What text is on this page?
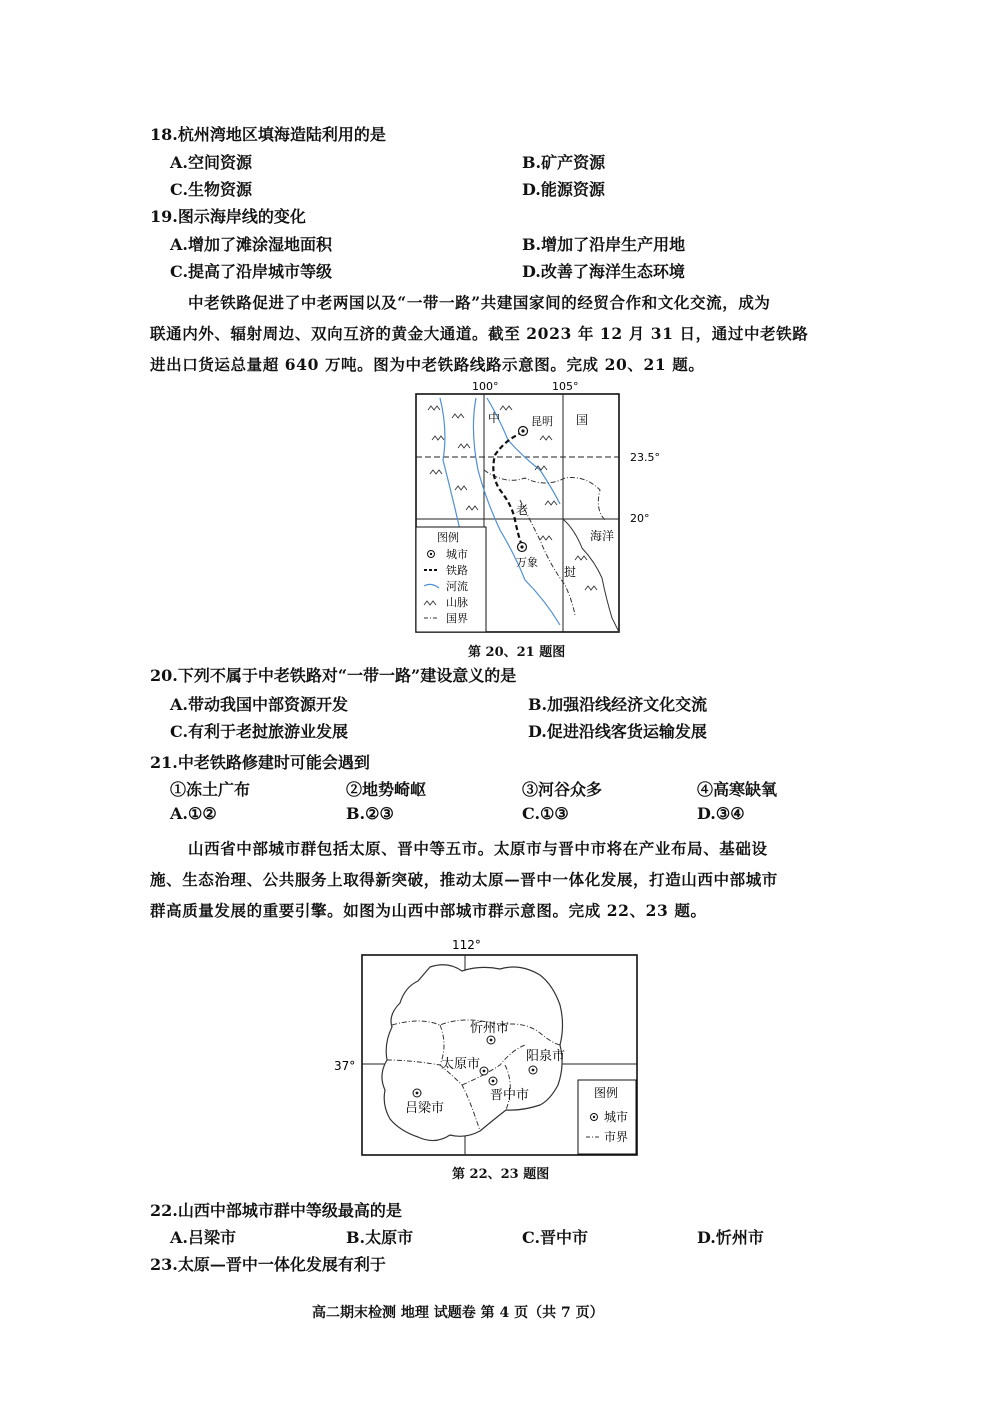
18.杭州湾地区填海造陆利用的是
A.空间资源	B.矿产资源
C.生物资源	D.能源资源
19.图示海岸线的变化
A.增加了滩涂湿地面积	B.增加了沿岸生产用地
C.提高了沿岸城市等级	D.改善了海洋生态环境
中老铁路促进了中老两国以及“一带一路”共建国家间的经贸合作和文化交流，成为
联通内外、辐射周边、双向互济的黄金大通道。截至 2023 年 12 月 31 日，通过中老铁路
进出口货运总量超 640 万吨。图为中老铁路线路示意图。完成 20、21 题。
100°	105°
23.5°
20°
中	国
老
挝
海洋
昆明
万象
图例
城市
铁路
河流
山脉
国界
第 20、21 题图
20.下列不属于中老铁路对“一带一路”建设意义的是
A.带动我国中部资源开发	B.加强沿线经济文化交流
C.有利于老挝旅游业发展	D.促进沿线客货运输发展
21.中老铁路修建时可能会遇到
①冻土广布	②地势崎岖	③河谷众多	④高寒缺氧
A.①②	B.②③	C.①③	D.③④
山西省中部城市群包括太原、晋中等五市。太原市与晋中市将在产业布局、基础设
施、生态治理、公共服务上取得新突破，推动太原—晋中一体化发展，打造山西中部城市
群高质量发展的重要引擎。如图为山西中部城市群示意图。完成 22、23 题。
112°
37°
忻州市
阳泉市
太原市
晋中市
吕梁市
图例
城市
市界
第 22、23 题图
22.山西中部城市群中等级最高的是
A.吕梁市	B.太原市	C.晋中市	D.忻州市
23.太原—晋中一体化发展有利于
高二期末检测 地理 试题卷 第 4 页（共 7 页）
